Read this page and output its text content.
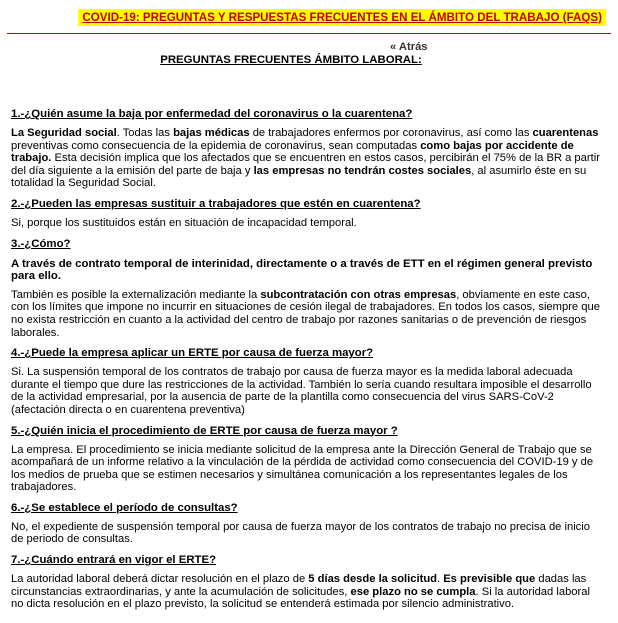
COVID-19: PREGUNTAS Y RESPUESTAS FRECUENTES EN EL ÁMBITO DEL TRABAJO (FAQS)
« Atrás
PREGUNTAS FRECUENTES ÁMBITO LABORAL:
1.-¿Quién asume la baja por enfermedad del coronavirus o la cuarentena?
La Seguridad social. Todas las bajas médicas de trabajadores enfermos por coronavirus, así como las cuarentenas preventivas como consecuencia de la epidemia de coronavirus, sean computadas como bajas por accidente de trabajo. Esta decisión implica que los afectados que se encuentren en estos casos, percibirán el 75% de la BR a partir del día siguiente a la emisión del parte de baja y las empresas no tendrán costes sociales, al asumirlo éste en su totalidad la Seguridad Social.
2.-¿Pueden las empresas sustituir a trabajadores que estén en cuarentena?
Si, porque los sustituidos están en situación de incapacidad temporal.
3.-¿Cómo?
A través de contrato temporal de interinidad, directamente o a través de ETT en el régimen general previsto para ello.
También es posible la externalización mediante la subcontratación con otras empresas, obviamente en este caso, con los límites que impone no incurrir en situaciones de cesión ilegal de trabajadores. En todos los casos, siempre que no exista restricción en cuanto a la actividad del centro de trabajo por razones sanitarias o de prevención de riesgos laborales.
4.-¿Puede la empresa aplicar un ERTE por causa de fuerza mayor?
Si. La suspensión temporal de los contratos de trabajo por causa de fuerza mayor es la medida laboral adecuada durante el tiempo que dure las restricciones de la actividad. También lo sería cuando resultara imposible el desarrollo de la actividad empresarial, por la ausencia de parte de la plantilla como consecuencia del virus SARS-CoV-2 (afectación directa o en cuarentena preventiva)
5.-¿Quién inicia el procedimiento de ERTE por causa de fuerza mayor ?
La empresa. El procedimiento se inicia mediante solicitud de la empresa ante la Dirección General de Trabajo que se acompañará de un informe relativo a la vinculación de la pérdida de actividad como consecuencia del COVID-19 y de los medios de prueba que se estimen necesarios y simultánea comunicación a los representantes legales de los trabajadores.
6.-¿Se establece el período de consultas?
No, el expediente de suspensión temporal por causa de fuerza mayor de los contratos de trabajo no precisa de inicio de periodo de consultas.
7.-¿Cuándo entrará en vigor el ERTE?
La autoridad laboral deberá dictar resolución en el plazo de 5 días desde la solicitud. Es previsible que dadas las circunstancias extraordinarias, y ante la acumulación de solicitudes, ese plazo no se cumpla. Si la autoridad laboral no dicta resolución en el plazo previsto, la solicitud se entenderá estimada por silencio administrativo.
